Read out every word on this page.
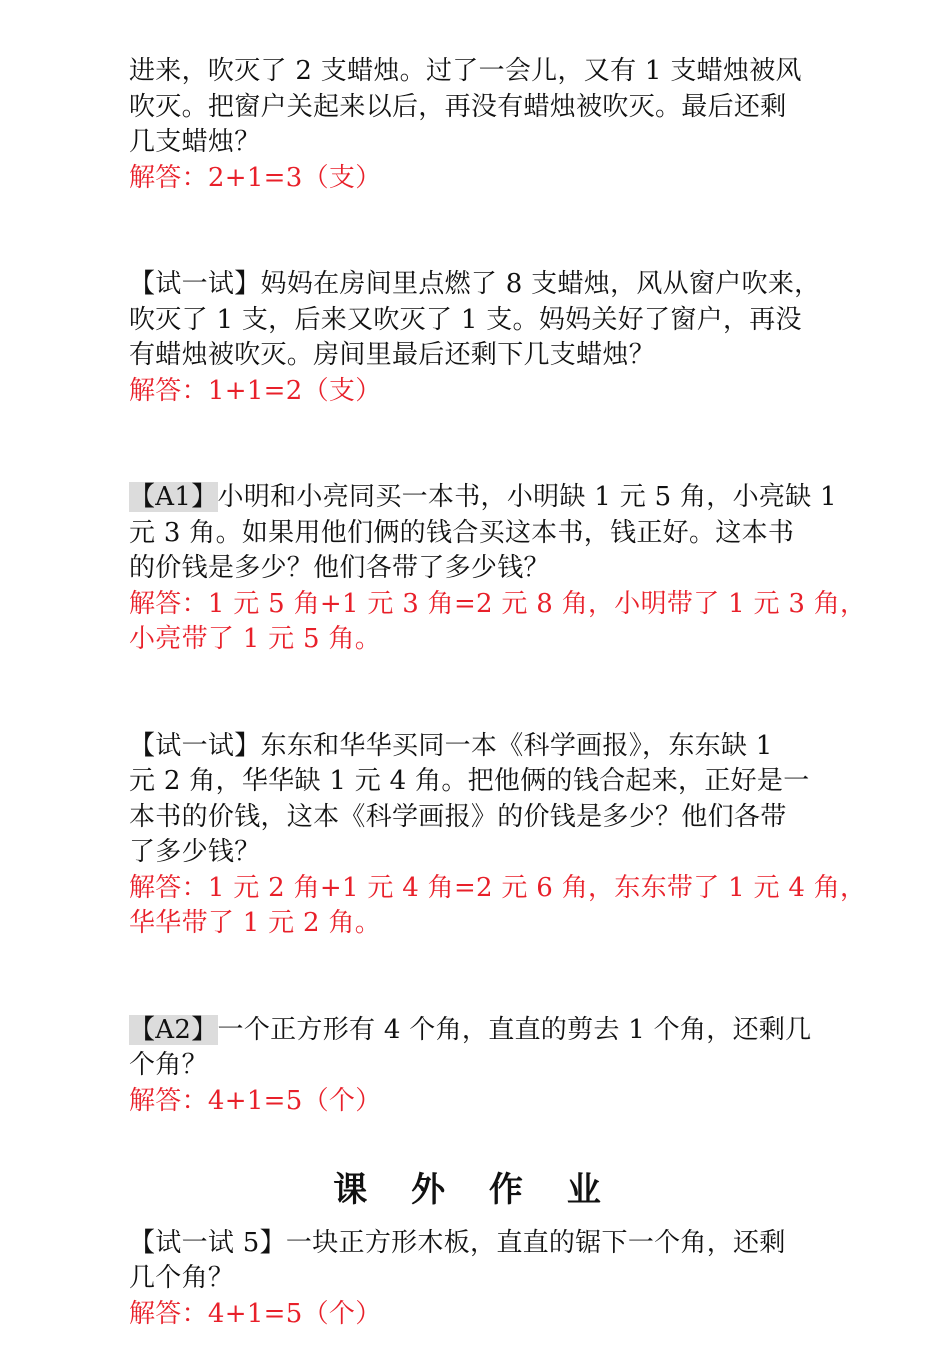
进来，吹灭了 2 支蜡烛。过了一会儿，又有 1 支蜡烛被风
吹灭。把窗户关起来以后，再没有蜡烛被吹灭。最后还剩
几支蜡烛？
解答：2+1=3（支）
【试一试】妈妈在房间里点燃了 8 支蜡烛，风从窗户吹来，
吹灭了 1 支，后来又吹灭了 1 支。妈妈关好了窗户，再没
有蜡烛被吹灭。房间里最后还剩下几支蜡烛？
解答：1+1=2（支）
【A1】小明和小亮同买一本书，小明缺 1 元 5 角，小亮缺 1
元 3 角。如果用他们俩的钱合买这本书，钱正好。这本书
的价钱是多少？他们各带了多少钱？
解答：1 元 5 角+1 元 3 角=2 元 8 角，小明带了 1 元 3 角，
小亮带了 1 元 5 角。
【试一试】东东和华华买同一本《科学画报》，东东缺 1
元 2 角，华华缺 1 元 4 角。把他俩的钱合起来，正好是一
本书的价钱，这本《科学画报》的价钱是多少？他们各带
了多少钱？
解答：1 元 2 角+1 元 4 角=2 元 6 角，东东带了 1 元 4 角，
华华带了 1 元 2 角。
【A2】一个正方形有 4 个角，直直的剪去 1 个角，还剩几
个角？
解答：4+1=5（个）
【试一试 5】一块正方形木板，直直的锯下一个角，还剩
几个角？
解答：4+1=5（个）
课 外 作 业
